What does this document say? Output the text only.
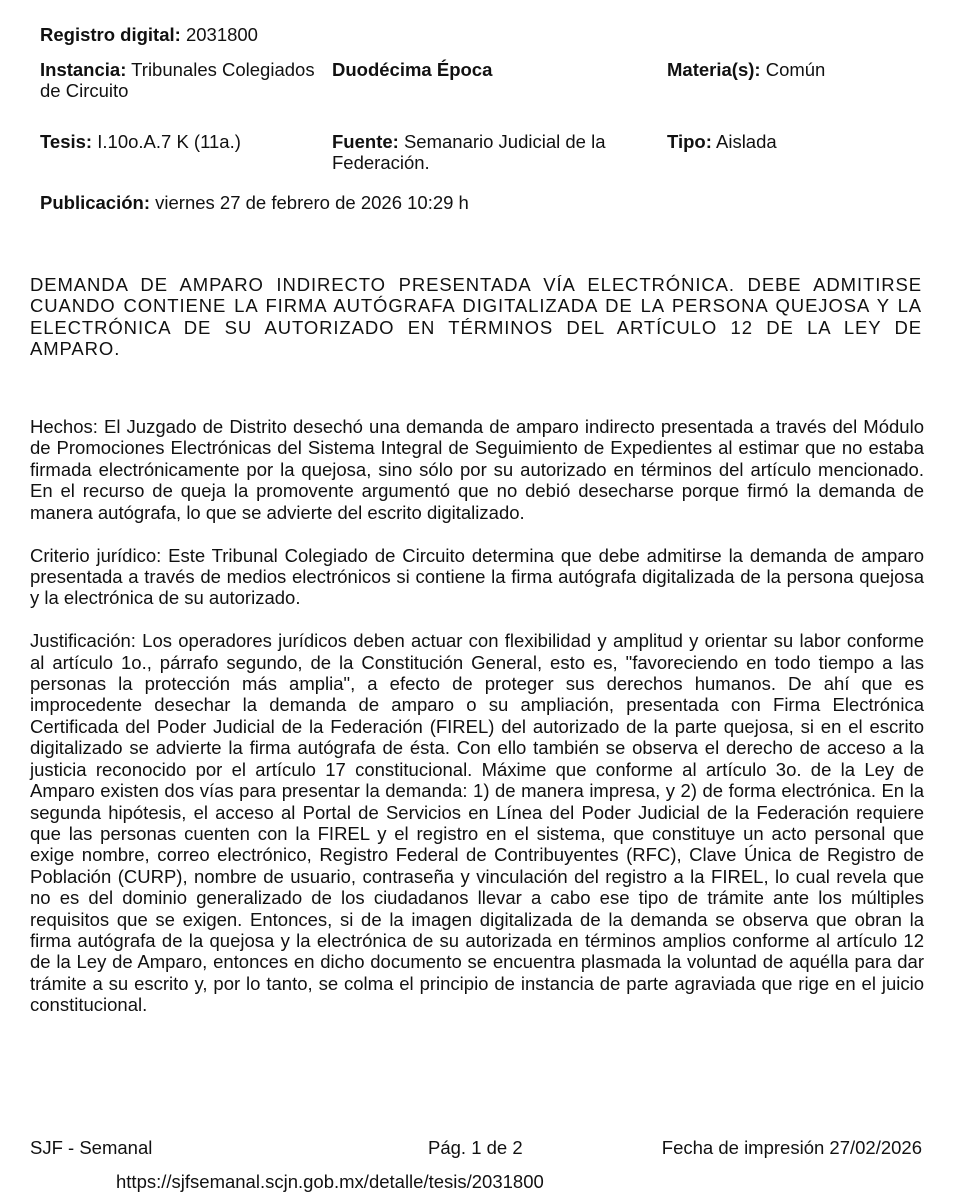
Registro digital: 2031800
Instancia: Tribunales Colegiados de Circuito
Duodécima Época	Materia(s): Común
Tesis: I.10o.A.7 K (11a.)	Fuente: Semanario Judicial de la Federación.
Tipo: Aislada
Publicación: viernes 27 de febrero de 2026 10:29 h

DEMANDA DE AMPARO INDIRECTO PRESENTADA VÍA ELECTRÓNICA. DEBE ADMITIRSE CUANDO CONTIENE LA FIRMA AUTÓGRAFA DIGITALIZADA DE LA PERSONA QUEJOSA Y LA ELECTRÓNICA DE SU AUTORIZADO EN TÉRMINOS DEL ARTÍCULO 12 DE LA LEY DE AMPARO.

Hechos: El Juzgado de Distrito desechó una demanda de amparo indirecto presentada a través del Módulo de Promociones Electrónicas del Sistema Integral de Seguimiento de Expedientes al estimar que no estaba firmada electrónicamente por la quejosa, sino sólo por su autorizado en términos del artículo mencionado. En el recurso de queja la promovente argumentó que no debió desecharse porque firmó la demanda de manera autógrafa, lo que se advierte del escrito digitalizado.

Criterio jurídico: Este Tribunal Colegiado de Circuito determina que debe admitirse la demanda de amparo presentada a través de medios electrónicos si contiene la firma autógrafa digitalizada de la persona quejosa y la electrónica de su autorizado.

Justificación: Los operadores jurídicos deben actuar con flexibilidad y amplitud y orientar su labor conforme al artículo 1o., párrafo segundo, de la Constitución General, esto es, "favoreciendo en todo tiempo a las personas la protección más amplia", a efecto de proteger sus derechos humanos. De ahí que es improcedente desechar la demanda de amparo o su ampliación, presentada con Firma Electrónica Certificada del Poder Judicial de la Federación (FIREL) del autorizado de la parte quejosa, si en el escrito digitalizado se advierte la firma autógrafa de ésta. Con ello también se observa el derecho de acceso a la justicia reconocido por el artículo 17 constitucional. Máxime que conforme al artículo 3o. de la Ley de Amparo existen dos vías para presentar la demanda: 1) de manera impresa, y 2) de forma electrónica. En la segunda hipótesis, el acceso al Portal de Servicios en Línea del Poder Judicial de la Federación requiere que las personas cuenten con la FIREL y el registro en el sistema, que constituye un acto personal que exige nombre, correo electrónico, Registro Federal de Contribuyentes (RFC), Clave Única de Registro de Población (CURP), nombre de usuario, contraseña y vinculación del registro a la FIREL, lo cual revela que no es del dominio generalizado de los ciudadanos llevar a cabo ese tipo de trámite ante los múltiples requisitos que se exigen. Entonces, si de la imagen digitalizada de la demanda se observa que obran la firma autógrafa de la quejosa y la electrónica de su autorizada en términos amplios conforme al artículo 12 de la Ley de Amparo, entonces en dicho documento se encuentra plasmada la voluntad de aquélla para dar trámite a su escrito y, por lo tanto, se colma el principio de instancia de parte agraviada que rige en el juicio constitucional.

SJF - Semanal	Pág. 1 de 2	Fecha de impresión 27/02/2026
https://sjfsemanal.scjn.gob.mx/detalle/tesis/2031800
